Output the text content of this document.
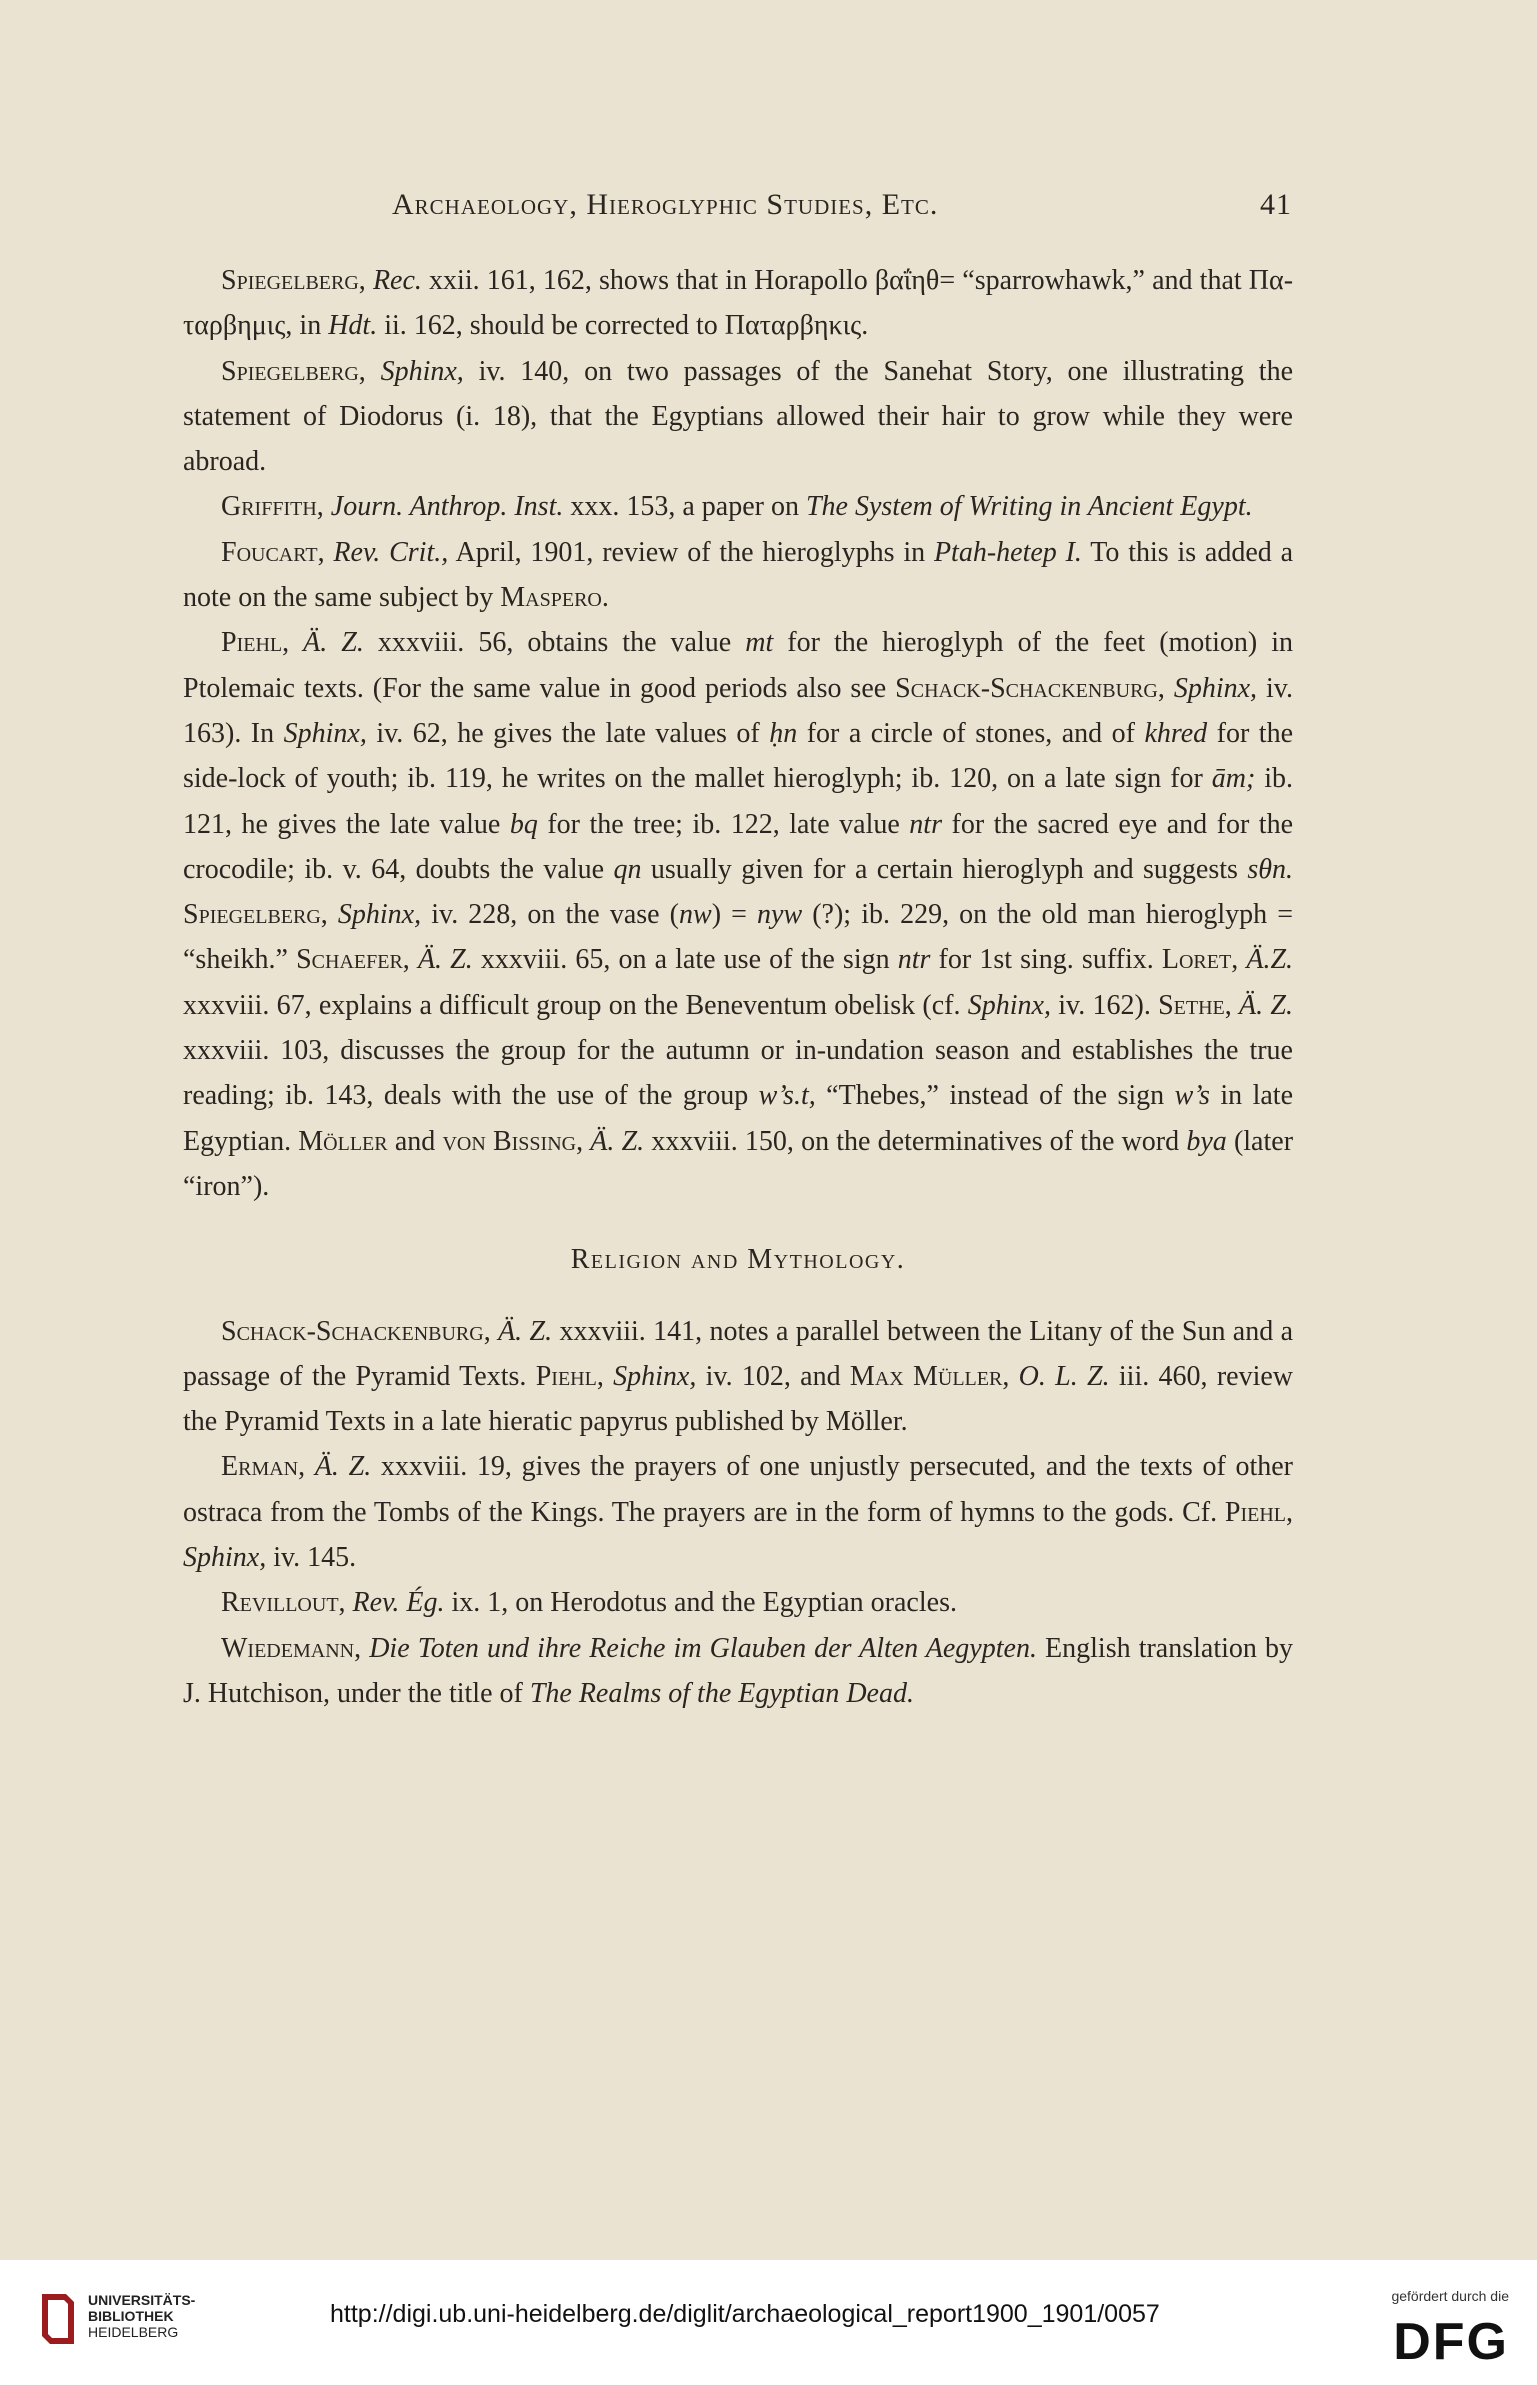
Archaeology, Hieroglyphic Studies, Etc.	41

Spiegelberg, Rec. xxii. 161, 162, shows that in Horapollo βαΐηθ= “sparrowhawk,” and that Παταρβημις, in Hdt. ii. 162, should be corrected to Παταρβηκις.

Spiegelberg, Sphinx, iv. 140, on two passages of the Sanehat Story, one illustrating the statement of Diodorus (i. 18), that the Egyptians allowed their hair to grow while they were abroad.

Griffith, Journ. Anthrop. Inst. xxx. 153, a paper on The System of Writing in Ancient Egypt.

Foucart, Rev. Crit., April, 1901, review of the hieroglyphs in Ptah-hetep I. To this is added a note on the same subject by Maspero.

Piehl, Ä. Z. xxxviii. 56, obtains the value mt for the hieroglyph of the feet (motion) in Ptolemaic texts. (For the same value in good periods also see Schack-Schackenburg, Sphinx, iv. 163). In Sphinx, iv. 62, he gives the late values of ḥn for a circle of stones, and of khred for the side-lock of youth; ib. 119, he writes on the mallet hieroglyph; ib. 120, on a late sign for ām; ib. 121, he gives the late value bq for the tree; ib. 122, late value ntr for the sacred eye and for the crocodile; ib. v. 64, doubts the value qn usually given for a certain hieroglyph and suggests sθn. Spiegelberg, Sphinx, iv. 228, on the vase (nw) = nyw (?); ib. 229, on the old man hieroglyph = “sheikh.” Schaefer, Ä. Z. xxxviii. 65, on a late use of the sign ntr for 1st sing. suffix. Loret, Ä.Z. xxxviii. 67, explains a difficult group on the Beneventum obelisk (cf. Sphinx, iv. 162). Sethe, Ä. Z. xxxviii. 103, discusses the group for the autumn or in-undation season and establishes the true reading; ib. 143, deals with the use of the group w’s.t, “Thebes,” instead of the sign w’s in late Egyptian. Möller and von Bissing, Ä. Z. xxxviii. 150, on the determinatives of the word bya (later “iron”).

Religion and Mythology.

Schack-Schackenburg, Ä. Z. xxxviii. 141, notes a parallel between the Litany of the Sun and a passage of the Pyramid Texts. Piehl, Sphinx, iv. 102, and Max Müller, O. L. Z. iii. 460, review the Pyramid Texts in a late hieratic papyrus published by Möller.

Erman, Ä. Z. xxxviii. 19, gives the prayers of one unjustly persecuted, and the texts of other ostraca from the Tombs of the Kings. The prayers are in the form of hymns to the gods. Cf. Piehl, Sphinx, iv. 145.

Revillout, Rev. Ég. ix. 1, on Herodotus and the Egyptian oracles.

Wiedemann, Die Toten und ihre Reiche im Glauben der Alten Aegypten. English translation by J. Hutchison, under the title of The Realms of the Egyptian Dead.

UNIVERSITÄTS-
BIBLIOTHEK
HEIDELBERG
http://digi.ub.uni-heidelberg.de/diglit/archaeological_report1900_1901/0057
gefördert durch die
DFG
